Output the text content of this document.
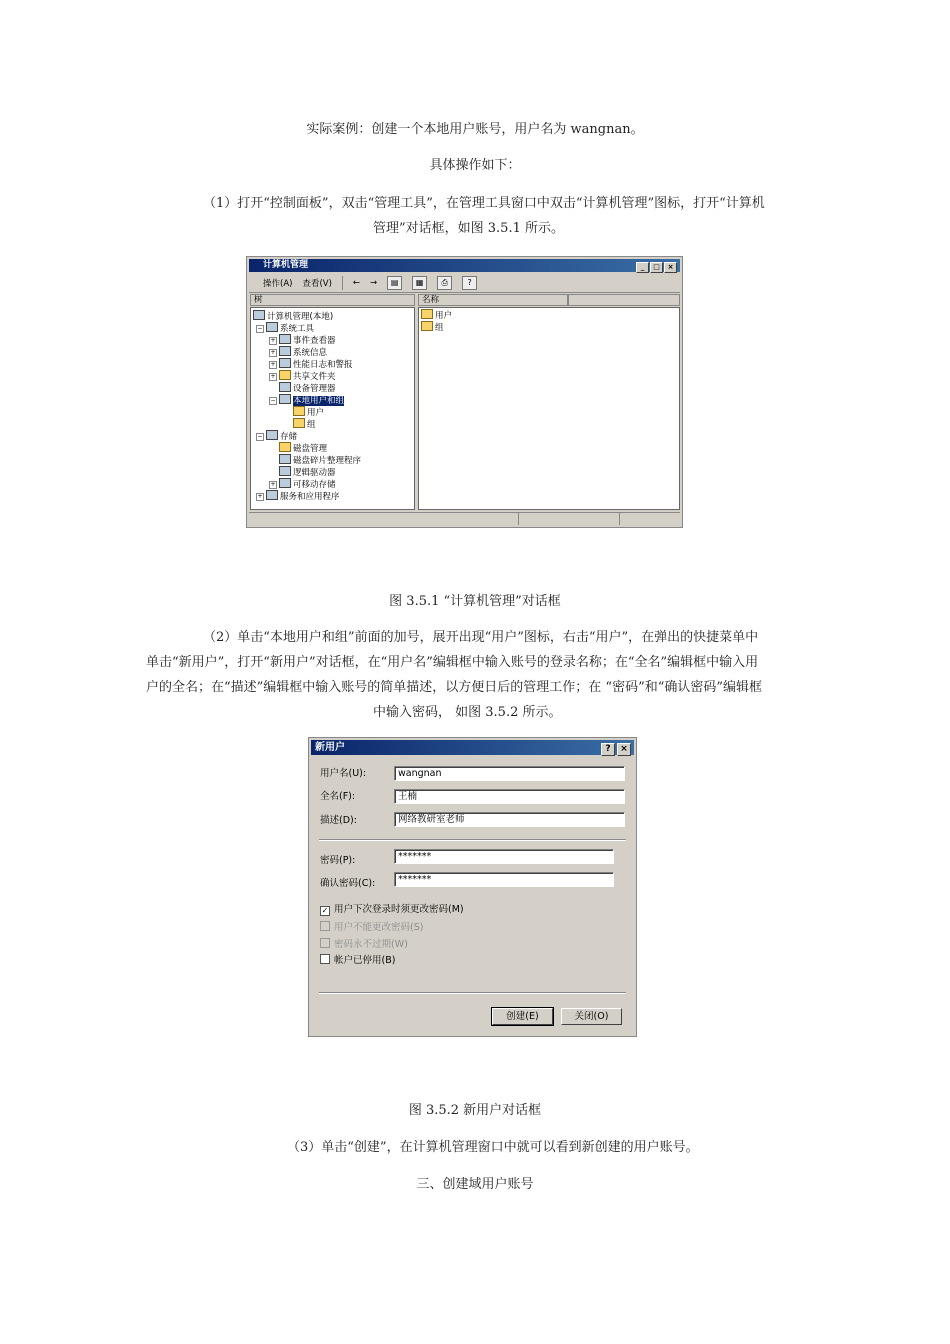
实际案例：创建一个本地用户账号，用户名为 wangnan。
具体操作如下：
（1）打开“控制面板”，双击“管理工具”，在管理工具窗口中双击“计算机管理”图标，打开“计算机
管理”对话框，如图 3.5.1 所示。
计算机管理	_	□	×
操作(A) 查看(V) ← →	▤	▦	⎙	?
树	名称
计算机管理(本地)
−	系统工具
+	事件查看器
+	系统信息
+	性能日志和警报
+	共享文件夹
设备管理器
−	本地用户和组
用户
组
−	存储
磁盘管理
磁盘碎片整理程序
逻辑驱动器
+	可移动存储
+	服务和应用程序
用户
组
图 3.5.1 “计算机管理”对话框
（2）单击“本地用户和组”前面的加号，展开出现“用户”图标，右击“用户”，在弹出的快捷菜单中
单击“新用户”，打开“新用户”对话框，在“用户名”编辑框中输入账号的登录名称；在“全名”编辑框中输入用
户的全名；在“描述”编辑框中输入账号的简单描述，以方便日后的管理工作；在 “密码”和“确认密码”编辑框
中输入密码， 如图 3.5.2 所示。
新用户	?	×
用户名(U):	wangnan
全名(F):	王楠
描述(D):	网络教研室老师
密码(P):	*******
确认密码(C):	*******
✓ 用户下次登录时须更改密码(M)
用户不能更改密码(S)
密码永不过期(W)
帐户已停用(B)
创建(E)	关闭(O)
图 3.5.2 新用户对话框
（3）单击“创建”，在计算机管理窗口中就可以看到新创建的用户账号。
三、创建域用户账号
